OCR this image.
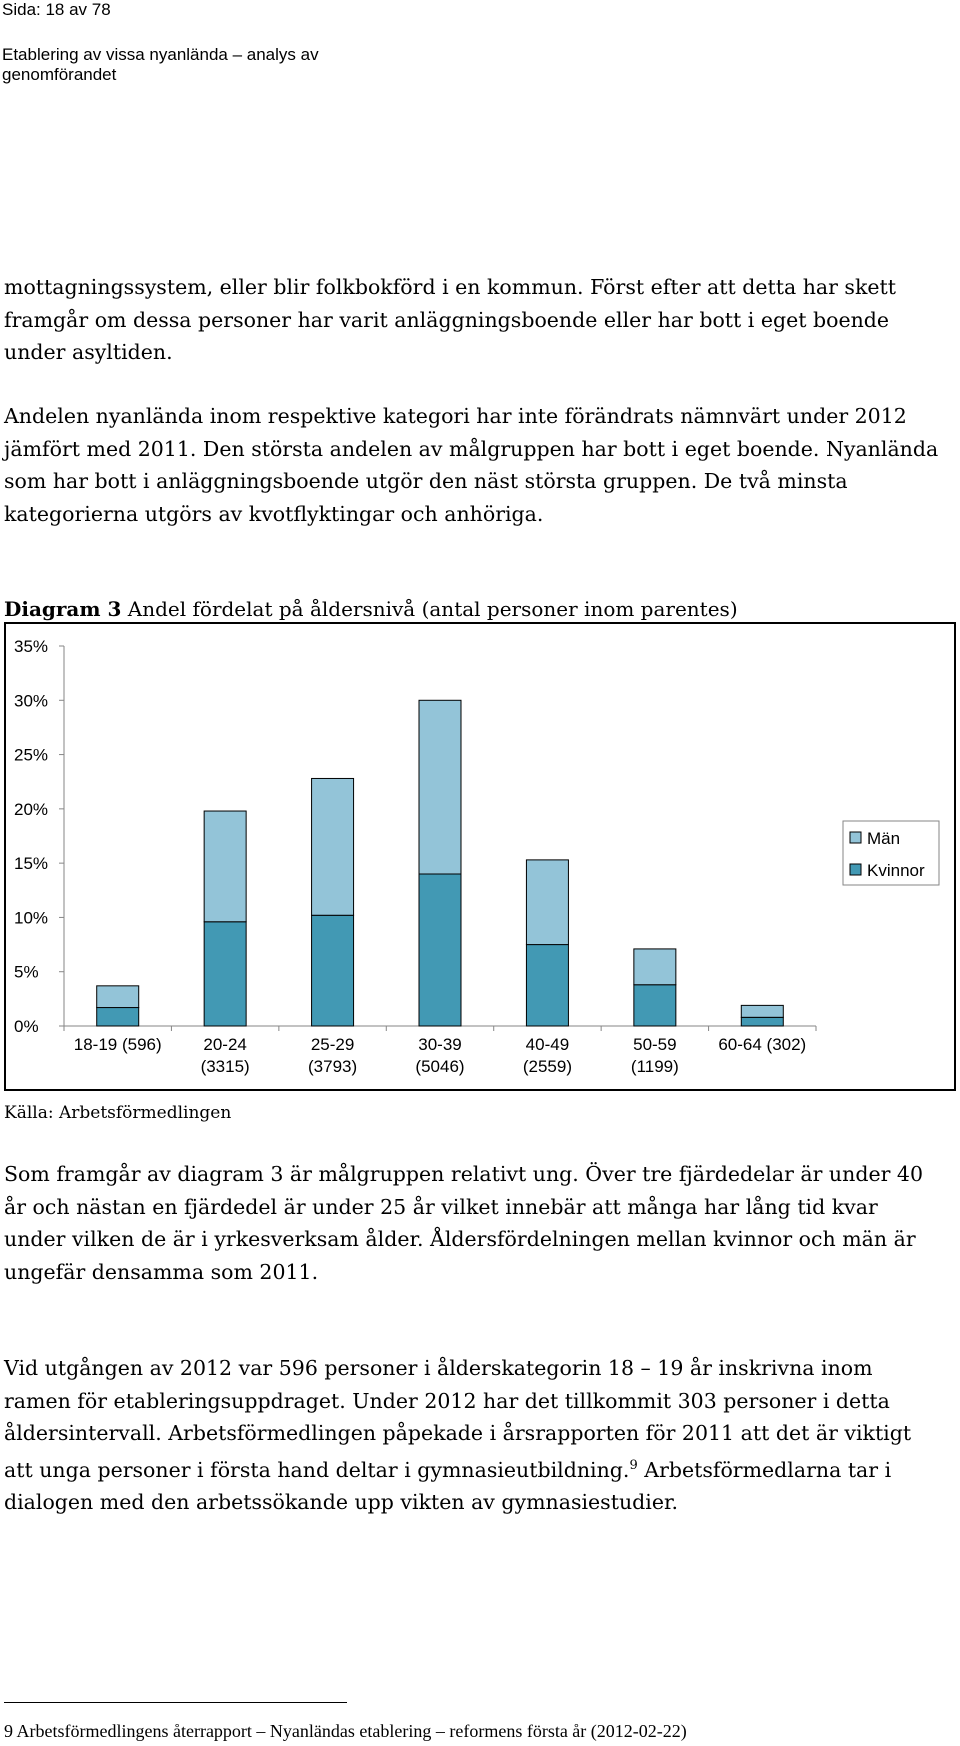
Sida: 18 av 78
Etablering av vissa nyanlända – analys av genomförandet

mottagningssystem, eller blir folkbokförd i en kommun. Först efter att detta har skett framgår om dessa personer har varit anläggningsboende eller har bott i eget boende under asyltiden.

Andelen nyanlända inom respektive kategori har inte förändrats nämnvärt under 2012 jämfört med 2011. Den största andelen av målgruppen har bott i eget boende. Nyanlända som har bott i anläggningsboende utgör den näst största gruppen. De två minsta kategorierna utgörs av kvotflyktingar och anhöriga.

Diagram 3 Andel fördelat på åldersnivå (antal personer inom parentes)
0%
5%
10%
15%
20%
25%
30%
35%
18-19 (596) 20-24
(3315)
25-29
(3793)
30-39
(5046)
40-49
(2559)
50-59
(1199)
60-64 (302)
Män
Kvinnor
Källa: Arbetsförmedlingen

Som framgår av diagram 3 är målgruppen relativt ung. Över tre fjärdedelar är under 40 år och nästan en fjärdedel är under 25 år vilket innebär att många har lång tid kvar under vilken de är i yrkesverksam ålder. Åldersfördelningen mellan kvinnor och män är ungefär densamma som 2011.

Vid utgången av 2012 var 596 personer i ålderskategorin 18 – 19 år inskrivna inom ramen för etableringsuppdraget. Under 2012 har det tillkommit 303 personer i detta åldersintervall. Arbetsförmedlingen påpekade i årsrapporten för 2011 att det är viktigt att unga personer i första hand deltar i gymnasieutbildning.$^9$ Arbetsförmedlarna tar i dialogen med den arbetssökande upp vikten av gymnasiestudier.

9 Arbetsförmedlingens återrapport – Nyanländas etablering – reformens första år (2012-02-22)
